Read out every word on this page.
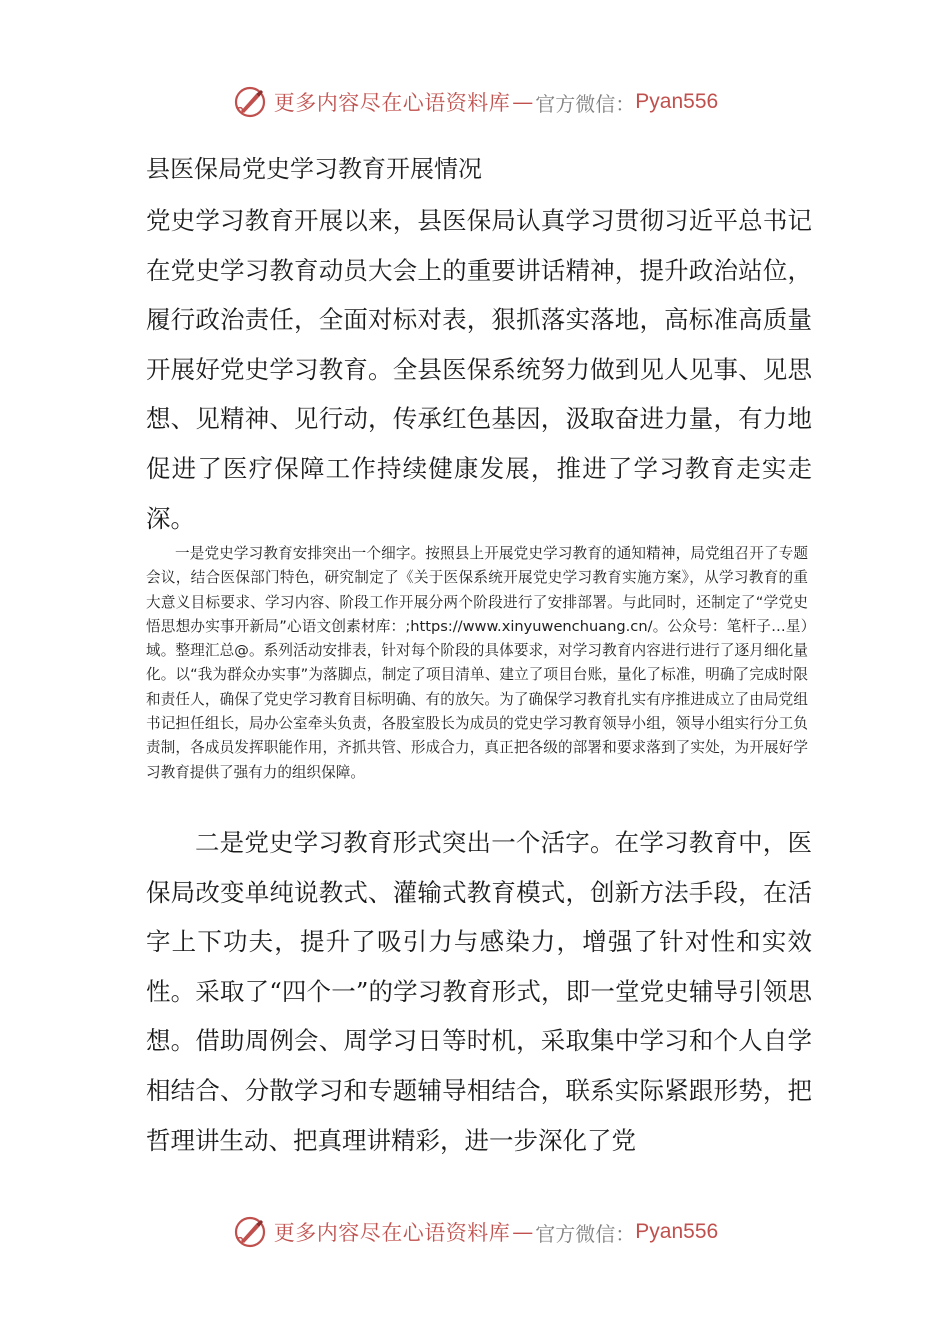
更多内容尽在心语资料库 — 官方微信： Pyan556
县医保局党史学习教育开展情况
党史学习教育开展以来，县医保局认真学习贯彻习近平总书记在党史学习教育动员大会上的重要讲话精神，提升政治站位，履行政治责任，全面对标对表，狠抓落实落地，高标准高质量开展好党史学习教育。全县医保系统努力做到见人见事、见思想、见精神、见行动，传承红色基因，汲取奋进力量，有力地促进了医疗保障工作持续健康发展，推进了学习教育走实走深。
一是党史学习教育安排突出一个细字。按照县上开展党史学习教育的通知精神，局党组召开了专题会议，结合医保部门特色，研究制定了《关于医保系统开展党史学习教育实施方案》，从学习教育的重大意义目标要求、学习内容、阶段工作开展分两个阶段进行了安排部署。与此同时，还制定了“学党史悟思想办实事开新局”心语文创素材库：;https://www.xinyuwenchuang.cn/。公众号：笔杆子…星）域。整理汇总@。系列活动安排表，针对每个阶段的具体要求，对学习教育内容进行进行了逐月细化量化。以“我为群众办实事”为落脚点，制定了项目清单、建立了项目台账，量化了标准，明确了完成时限和责任人，确保了党史学习教育目标明确、有的放矢。为了确保学习教育扎实有序推进成立了由局党组书记担任组长，局办公室牵头负责，各股室股长为成员的党史学习教育领导小组，领导小组实行分工负责制，各成员发挥职能作用，齐抓共管、形成合力，真正把各级的部署和要求落到了实处，为开展好学习教育提供了强有力的组织保障。
二是党史学习教育形式突出一个活字。在学习教育中，医保局改变单纯说教式、灌输式教育模式，创新方法手段，在活字上下功夫，提升了吸引力与感染力，增强了针对性和实效性。采取了“四个一”的学习教育形式，即一堂党史辅导引领思想。借助周例会、周学习日等时机，采取集中学习和个人自学相结合、分散学习和专题辅导相结合，联系实际紧跟形势，把哲理讲生动、把真理讲精彩，进一步深化了党
更多内容尽在心语资料库 — 官方微信： Pyan556
